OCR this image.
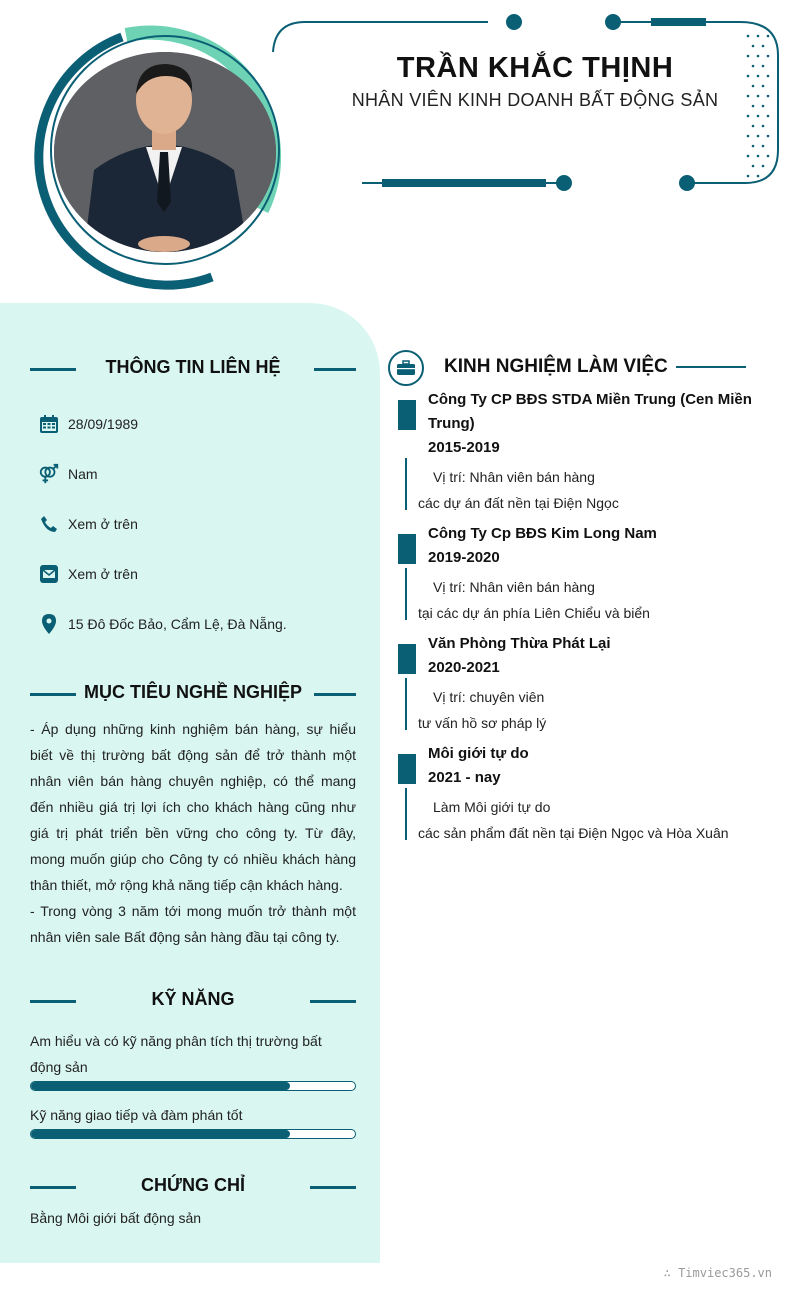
TRẦN KHẮC THỊNH
NHÂN VIÊN KINH DOANH BẤT ĐỘNG SẢN
THÔNG TIN LIÊN HỆ
28/09/1989
Nam
Xem ở trên
Xem ở trên
15 Đô Đốc Bảo, Cẩm Lệ, Đà Nẵng.
MỤC TIÊU NGHỀ NGHIỆP

- Áp dụng những kinh nghiệm bán hàng, sự hiểu biết về thị trường bất động sản để trở thành một nhân viên bán hàng chuyên nghiệp, có thể mang đến nhiều giá trị lợi ích cho khách hàng cũng như giá trị phát triển bền vững cho công ty. Từ đây, mong muốn giúp cho Công ty có nhiều khách hàng thân thiết, mở rộng khả năng tiếp cận khách hàng.

- Trong vòng 3 năm tới mong muốn trở thành một nhân viên sale Bất động sản hàng đầu tại công ty.

KỸ NĂNG
Am hiểu và có kỹ năng phân tích thị trường bất động sản
Kỹ năng giao tiếp và đàm phán tốt
CHỨNG CHỈ
Bằng Môi giới bất động sản
KINH NGHIỆM LÀM VIỆC
Công Ty CP BĐS STDA Miền Trung (Cen Miền Trung)
2015-2019
Vị trí: Nhân viên bán hàng
các dự án đất nền tại Điện Ngọc
Công Ty Cp BĐS Kim Long Nam
2019-2020
Vị trí: Nhân viên bán hàng
tại các dự án phía Liên Chiểu và biển
Văn Phòng Thừa Phát Lại
2020-2021
Vị trí: chuyên viên
tư vấn hồ sơ pháp lý
Môi giới tự do
2021 - nay
Làm Môi giới tự do
các sản phẩm đất nền tại Điện Ngọc và Hòa Xuân
∴ Timviec365.vn
